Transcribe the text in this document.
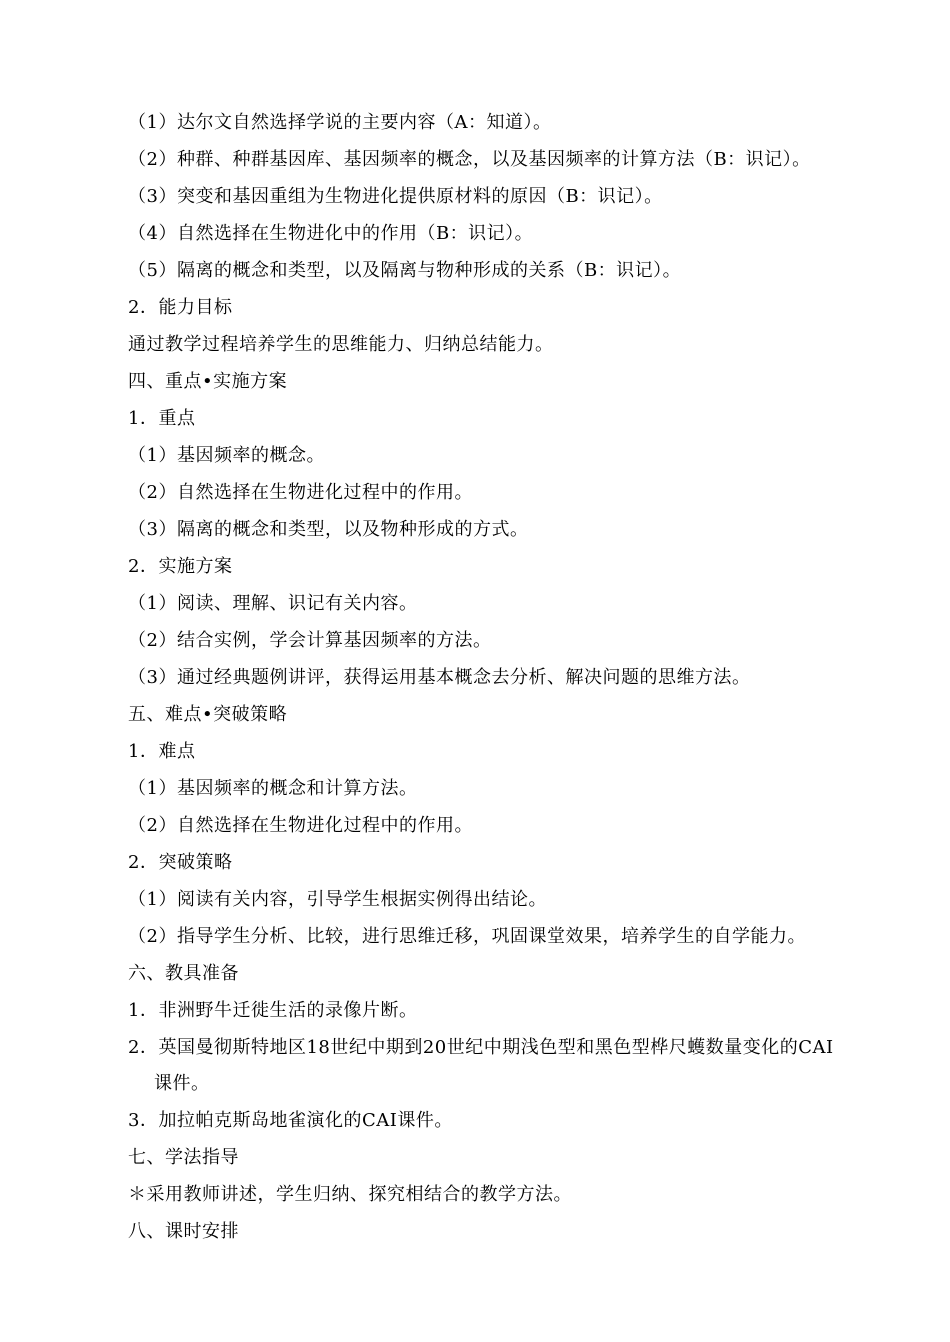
（1）达尔文自然选择学说的主要内容（A：知道）。
（2）种群、种群基因库、基因频率的概念，以及基因频率的计算方法（B：识记）。
（3）突变和基因重组为生物进化提供原材料的原因（B：识记）。
（4）自然选择在生物进化中的作用（B：识记）。
（5）隔离的概念和类型，以及隔离与物种形成的关系（B：识记）。
2．能力目标
通过教学过程培养学生的思维能力、归纳总结能力。
四、重点•实施方案
1．重点
（1）基因频率的概念。
（2）自然选择在生物进化过程中的作用。
（3）隔离的概念和类型，以及物种形成的方式。
2．实施方案
（1）阅读、理解、识记有关内容。
（2）结合实例，学会计算基因频率的方法。
（3）通过经典题例讲评，获得运用基本概念去分析、解决问题的思维方法。
五、难点•突破策略
1．难点
（1）基因频率的概念和计算方法。
（2）自然选择在生物进化过程中的作用。
2．突破策略
（1）阅读有关内容，引导学生根据实例得出结论。
（2）指导学生分析、比较，进行思维迁移，巩固课堂效果，培养学生的自学能力。
六、教具准备
1．非洲野牛迁徙生活的录像片断。
2．英国曼彻斯特地区18世纪中期到20世纪中期浅色型和黑色型桦尺蠖数量变化的CAI
课件。
3．加拉帕克斯岛地雀演化的CAI课件。
七、学法指导
＊采用教师讲述，学生归纳、探究相结合的教学方法。
八、课时安排
